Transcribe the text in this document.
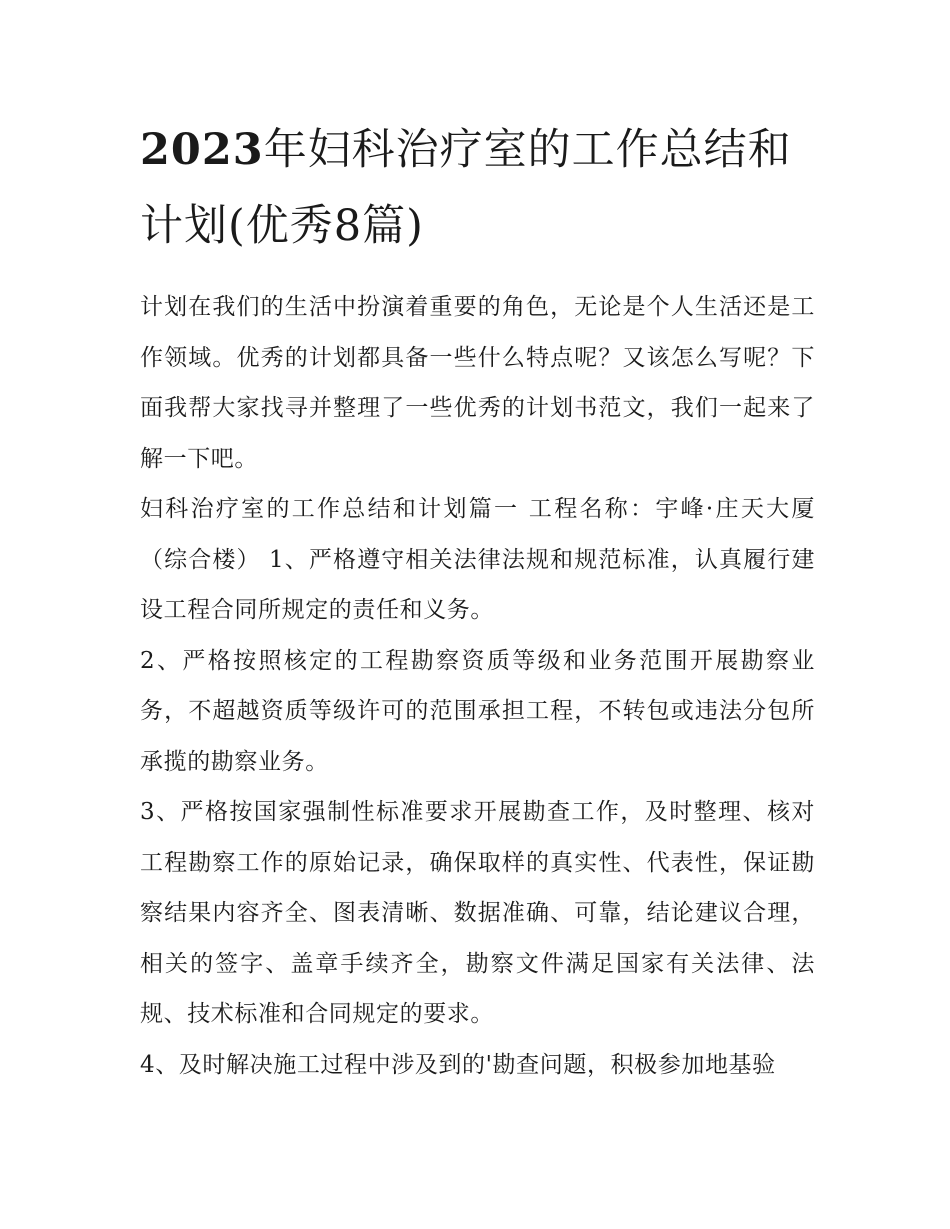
2023年妇科治疗室的工作总结和计划(优秀8篇)

计划在我们的生活中扮演着重要的角色，无论是个人生活还是工作领域。优秀的计划都具备一些什么特点呢？又该怎么写呢？下面我帮大家找寻并整理了一些优秀的计划书范文，我们一起来了解一下吧。

妇科治疗室的工作总结和计划篇一 工程名称：宇峰·庄天大厦（综合楼） 1、严格遵守相关法律法规和规范标准，认真履行建设工程合同所规定的责任和义务。

2、严格按照核定的工程勘察资质等级和业务范围开展勘察业务，不超越资质等级许可的范围承担工程，不转包或违法分包所承揽的勘察业务。

3、严格按国家强制性标准要求开展勘查工作，及时整理、核对工程勘察工作的原始记录，确保取样的真实性、代表性，保证勘察结果内容齐全、图表清晰、数据准确、可靠，结论建议合理，相关的签字、盖章手续齐全，勘察文件满足国家有关法律、法规、技术标准和合同规定的要求。

4、及时解决施工过程中涉及到的'勘查问题，积极参加地基验
